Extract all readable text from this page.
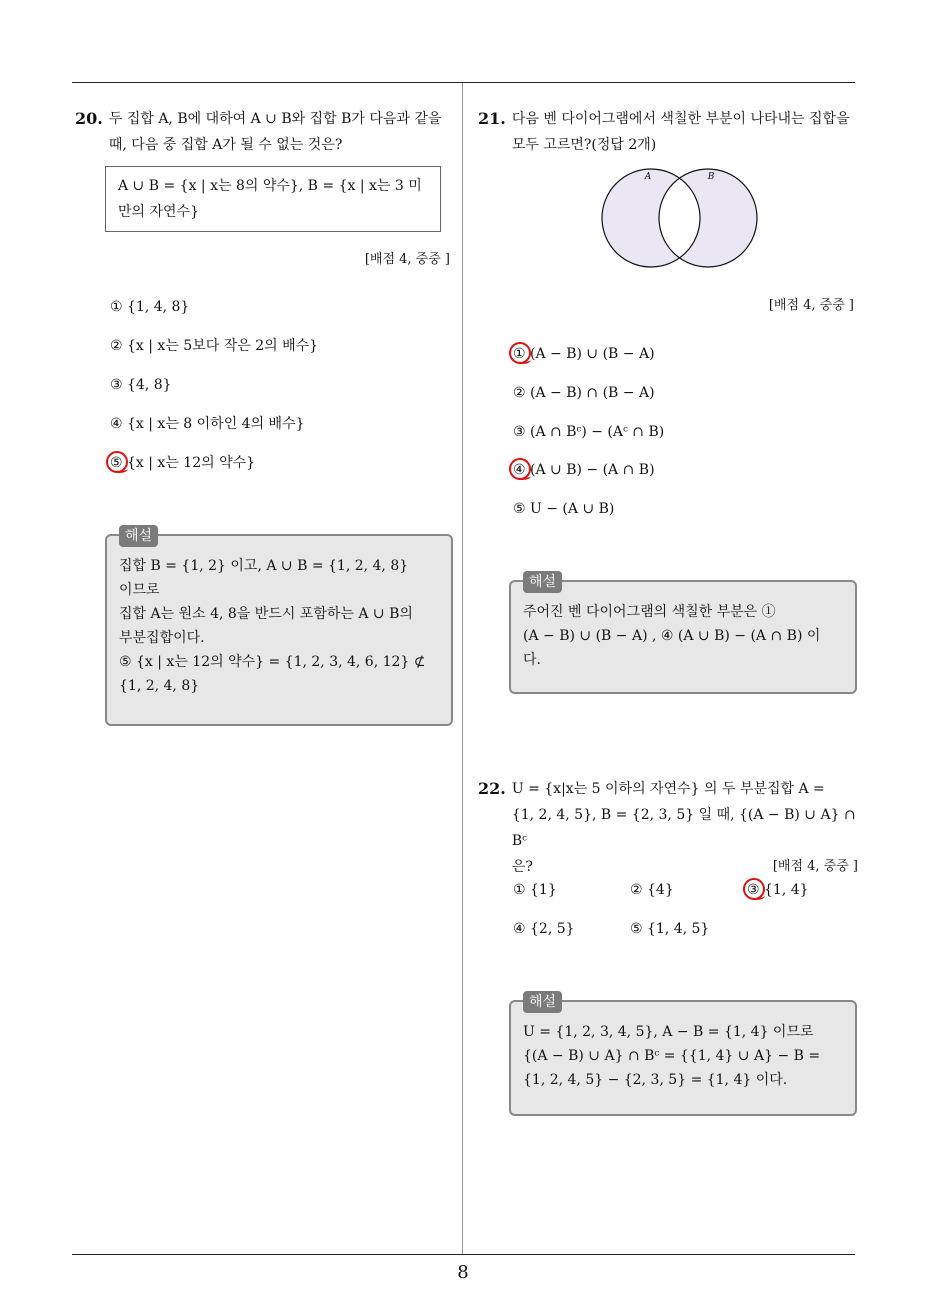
20. 두 집합 A, B에 대하여 A ∪ B와 집합 B가 다음과 같을 때, 다음 중 집합 A가 될 수 없는 것은?
A ∪ B = {x | x는 8의 약수}, B = {x | x는 3 미만의 자연수}
[배점 4, 중중 ]
① {1, 4, 8}
② {x | x는 5보다 작은 2의 배수}
③ {4, 8}
④ {x | x는 8 이하인 4의 배수}
⑤ {x | x는 12의 약수}
해설
집합 B = {1, 2} 이고, A ∪ B = {1, 2, 4, 8}
이므로
집합 A는 원소 4, 8을 반드시 포함하는 A ∪ B의
부분집합이다.
⑤ {x | x는 12의 약수} = {1, 2, 3, 4, 6, 12} ⊄
{1, 2, 4, 8}
21. 다음 벤 다이어그램에서 색칠한 부분이 나타내는 집합을 모두 고르면?(정답 2개)
A	B
[배점 4, 중중 ]
① (A − B) ∪ (B − A)
② (A − B) ∩ (B − A)
③ (A ∩ Bᶜ) − (Aᶜ ∩ B)
④ (A ∪ B) − (A ∩ B)
⑤ U − (A ∪ B)
해설
주어진 벤 다이어그램의 색칠한 부분은 ①
(A − B) ∪ (B − A) , ④ (A ∪ B) − (A ∩ B) 이
다.
22. U = {x|x는 5 이하의 자연수} 의 두 부분집합 A =
{1, 2, 4, 5}, B = {2, 3, 5} 일 때, {(A − B) ∪ A} ∩ Bᶜ
은?	[배점 4, 중중 ]
① {1}	② {4}	③ {1, 4}
④ {2, 5}	⑤ {1, 4, 5}
해설
U = {1, 2, 3, 4, 5}, A − B = {1, 4} 이므로
{(A − B) ∪ A} ∩ Bᶜ = {{1, 4} ∪ A} − B =
{1, 2, 4, 5} − {2, 3, 5} = {1, 4} 이다.
8
